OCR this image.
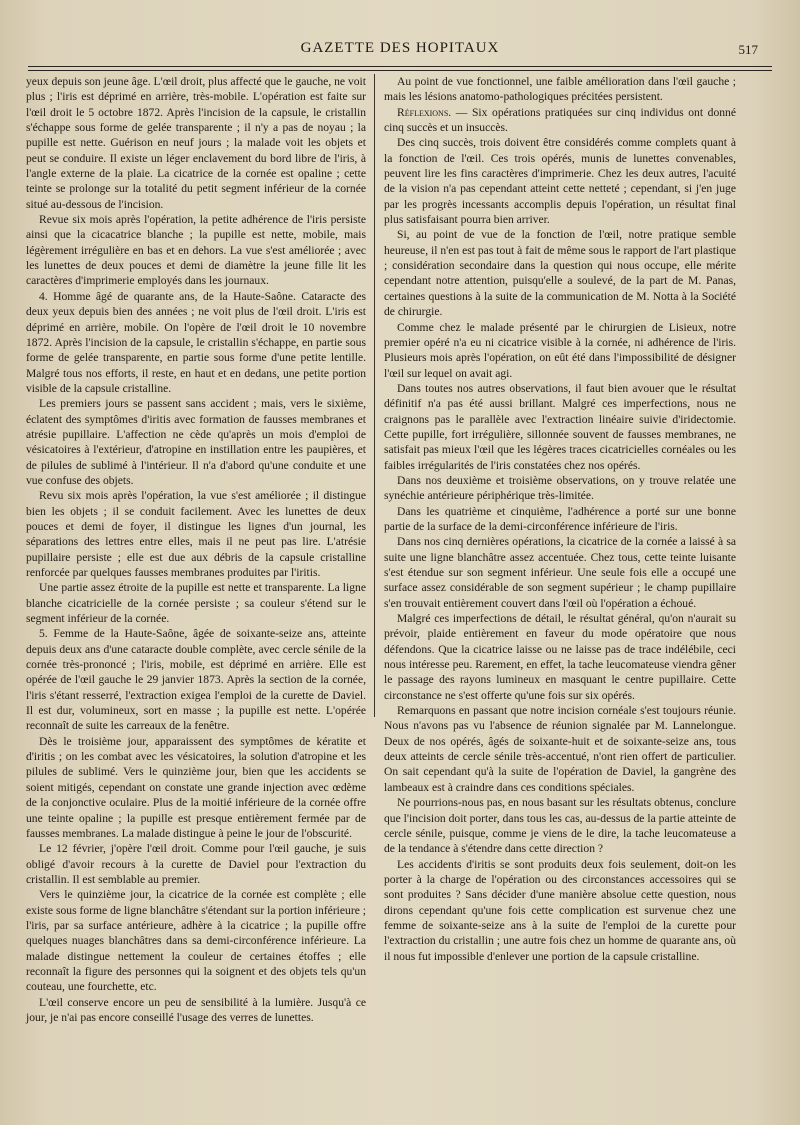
GAZETTE DES HOPITAUX	517

yeux depuis son jeune âge. L'œil droit, plus affecté que le gauche, ne voit plus ; l'iris est déprimé en arrière, très-mobile. L'opération est faite sur l'œil droit le 5 octobre 1872. Après l'incision de la capsule, le cristallin s'échappe sous forme de gelée transparente ; il n'y a pas de noyau ; la pupille est nette. Guérison en neuf jours ; la malade voit les objets et peut se conduire. Il existe un léger enclavement du bord libre de l'iris, à l'angle externe de la plaie. La cicatrice de la cornée est opaline ; cette teinte se prolonge sur la totalité du petit segment inférieur de la cornée situé au-dessous de l'incision.

Revue six mois après l'opération, la petite adhérence de l'iris persiste ainsi que la cicacatrice blanche ; la pupille est nette, mobile, mais légèrement irrégulière en bas et en dehors. La vue s'est améliorée ; avec les lunettes de deux pouces et demi de diamètre la jeune fille lit les caractères d'imprimerie employés dans les journaux.

4. Homme âgé de quarante ans, de la Haute-Saône. Cataracte des deux yeux depuis bien des années ; ne voit plus de l'œil droit. L'iris est déprimé en arrière, mobile. On l'opère de l'œil droit le 10 novembre 1872. Après l'incision de la capsule, le cristallin s'échappe, en partie sous forme de gelée transparente, en partie sous forme d'une petite lentille. Malgré tous nos efforts, il reste, en haut et en dedans, une petite portion visible de la capsule cristalline.

Les premiers jours se passent sans accident ; mais, vers le sixième, éclatent des symptômes d'iritis avec formation de fausses membranes et atrésie pupillaire. L'affection ne cède qu'après un mois d'emploi de vésicatoires à l'extérieur, d'atropine en instillation entre les paupières, et de pilules de sublimé à l'intérieur. Il n'a d'abord qu'une conduite et une vue confuse des objets.

Revu six mois après l'opération, la vue s'est améliorée ; il distingue bien les objets ; il se conduit facilement. Avec les lunettes de deux pouces et demi de foyer, il distingue les lignes d'un journal, les séparations des lettres entre elles, mais il ne peut pas lire. L'atrésie pupillaire persiste ; elle est due aux débris de la capsule cristalline renforcée par quelques fausses membranes produites par l'iritis.

Une partie assez étroite de la pupille est nette et transparente. La ligne blanche cicatricielle de la cornée persiste ; sa couleur s'étend sur le segment inférieur de la cornée.

5. Femme de la Haute-Saône, âgée de soixante-seize ans, atteinte depuis deux ans d'une cataracte double complète, avec cercle sénile de la cornée très-prononcé ; l'iris, mobile, est déprimé en arrière. Elle est opérée de l'œil gauche le 29 janvier 1873. Après la section de la cornée, l'iris s'étant resserré, l'extraction exigea l'emploi de la curette de Daviel. Il est dur, volumineux, sort en masse ; la pupille est nette. L'opérée reconnaît de suite les carreaux de la fenêtre.

Dès le troisième jour, apparaissent des symptômes de kératite et d'iritis ; on les combat avec les vésicatoires, la solution d'atropine et les pilules de sublimé. Vers le quinzième jour, bien que les accidents se soient mitigés, cependant on constate une grande injection avec œdème de la conjonctive oculaire. Plus de la moitié inférieure de la cornée offre une teinte opaline ; la pupille est presque entièrement fermée par de fausses membranes. La malade distingue à peine le jour de l'obscurité.

Le 12 février, j'opère l'œil droit. Comme pour l'œil gauche, je suis obligé d'avoir recours à la curette de Daviel pour l'extraction du cristallin. Il est semblable au premier.

Vers le quinzième jour, la cicatrice de la cornée est complète ; elle existe sous forme de ligne blanchâtre s'étendant sur la portion inférieure ; l'iris, par sa surface antérieure, adhère à la cicatrice ; la pupille offre quelques nuages blanchâtres dans sa demi-circonférence inférieure. La malade distingue nettement la couleur de certaines étoffes ; elle reconnaît la figure des personnes qui la soignent et des objets tels qu'un couteau, une fourchette, etc.

L'œil conserve encore un peu de sensibilité à la lumière. Jusqu'à ce jour, je n'ai pas encore conseillé l'usage des verres de lunettes.

Au point de vue fonctionnel, une faible amélioration dans l'œil gauche ; mais les lésions anatomo-pathologiques précitées persistent.

Réflexions. — Six opérations pratiquées sur cinq individus ont donné cinq succès et un insuccès.

Des cinq succès, trois doivent être considérés comme complets quant à la fonction de l'œil. Ces trois opérés, munis de lunettes convenables, peuvent lire les fins caractères d'imprimerie. Chez les deux autres, l'acuité de la vision n'a pas cependant atteint cette netteté ; cependant, si j'en juge par les progrès incessants accomplis depuis l'opération, un résultat final plus satisfaisant pourra bien arriver.

Si, au point de vue de la fonction de l'œil, notre pratique semble heureuse, il n'en est pas tout à fait de même sous le rapport de l'art plastique ; considération secondaire dans la question qui nous occupe, elle mérite cependant notre attention, puisqu'elle a soulevé, de la part de M. Panas, certaines questions à la suite de la communication de M. Notta à la Société de chirurgie.

Comme chez le malade présenté par le chirurgien de Lisieux, notre premier opéré n'a eu ni cicatrice visible à la cornée, ni adhérence de l'iris. Plusieurs mois après l'opération, on eût été dans l'impossibilité de désigner l'œil sur lequel on avait agi.

Dans toutes nos autres observations, il faut bien avouer que le résultat définitif n'a pas été aussi brillant. Malgré ces imperfections, nous ne craignons pas le parallèle avec l'extraction linéaire suivie d'iridectomie. Cette pupille, fort irrégulière, sillonnée souvent de fausses membranes, ne satisfait pas mieux l'œil que les légères traces cicatricielles cornéales ou les faibles irrégularités de l'iris constatées chez nos opérés.

Dans nos deuxième et troisième observations, on y trouve relatée une synéchie antérieure périphérique très-limitée.

Dans les quatrième et cinquième, l'adhérence a porté sur une bonne partie de la surface de la demi-circonférence inférieure de l'iris.

Dans nos cinq dernières opérations, la cicatrice de la cornée a laissé à sa suite une ligne blanchâtre assez accentuée. Chez tous, cette teinte luisante s'est étendue sur son segment inférieur. Une seule fois elle a occupé une surface assez considérable de son segment supérieur ; le champ pupillaire s'en trouvait entièrement couvert dans l'œil où l'opération a échoué.

Malgré ces imperfections de détail, le résultat général, qu'on n'aurait su prévoir, plaide entièrement en faveur du mode opératoire que nous défendons. Que la cicatrice laisse ou ne laisse pas de trace indélébile, ceci nous intéresse peu. Rarement, en effet, la tache leucomateuse viendra gêner le passage des rayons lumineux en masquant le centre pupillaire. Cette circonstance ne s'est offerte qu'une fois sur six opérés.

Remarquons en passant que notre incision cornéale s'est toujours réunie. Nous n'avons pas vu l'absence de réunion signalée par M. Lannelongue. Deux de nos opérés, âgés de soixante-huit et de soixante-seize ans, tous deux atteints de cercle sénile très-accentué, n'ont rien offert de particulier. On sait cependant qu'à la suite de l'opération de Daviel, la gangrène des lambeaux est à craindre dans ces conditions spéciales.

Ne pourrions-nous pas, en nous basant sur les résultats obtenus, conclure que l'incision doit porter, dans tous les cas, au-dessus de la partie atteinte de cercle sénile, puisque, comme je viens de le dire, la tache leucomateuse a de la tendance à s'étendre dans cette direction ?

Les accidents d'iritis se sont produits deux fois seulement, doit-on les porter à la charge de l'opération ou des circonstances accessoires qui se sont produites ? Sans décider d'une manière absolue cette question, nous dirons cependant qu'une fois cette complication est survenue chez une femme de soixante-seize ans à la suite de l'emploi de la curette pour l'extraction du cristallin ; une autre fois chez un homme de quarante ans, où il nous fut impossible d'enlever une portion de la capsule cristalline.
